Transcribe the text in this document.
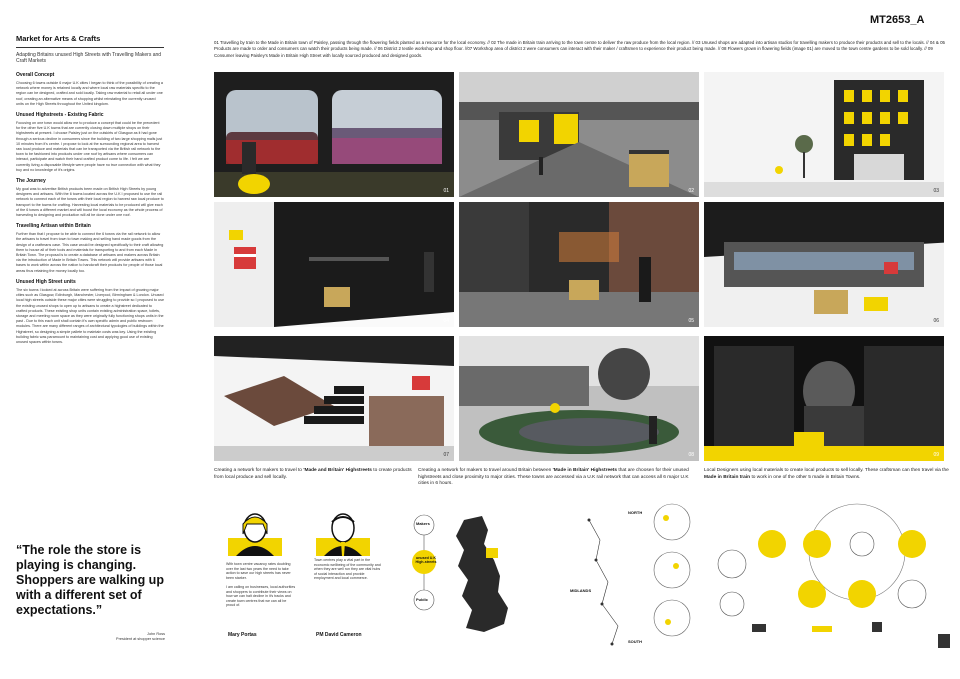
MT2653_A
Market for Arts & Crafts
Adapting Britains unused High Streets with Travelling Makers and Craft Markets
Overall Concept

Choosing 6 towns outside 6 major U.K cities I began to think of the possibility of creating a network where money is retained locally and where local raw materials specific to the region can be designed, crafted and sold locally. Taking raw material to retail all under one roof, creating an alternative means of shopping whilst reinstating the currently unused units on the High Streets throughout the United kingdom.

Unused Highstreets - Existing Fabric

Focusing on one town would allow me to produce a concept that could be the precedent for the other five U.K towns that are currently closing down multiple shops on their highstreets at present. I choose Paisley just on the outskirts of Glasgow as it had gone through a serious decline in consumers since the building of two large shopping malls just 10 minutes from it's centre. I propose to look at the surrounding regional area to harvest raw local produce and materials that can be transported via the British rail network to the town to be fashioned into products under one roof by artisans where consumers can interact, participate and watch their hand crafted product come to life. I felt we are currently living a disposable lifestyle were people have no true connection with what they buy and no knowledge of it's origins.

The Journey

My goal was to advertise British products been made on British High Streets by young designers and artisans. With the 6 towns located across the U.K I proposed to use the rail network to connect each of the towns with their local region to harvest raw local produce to transport to the towns for crafting. Harvesting local materials to be produced will give each of the 6 towns a different market and will boost the local economy as the whole process of harvesting to designing and production will all be done under one roof.

Travelling Artisan within Britain

Further than that I propose to be able to connect the 6 towns via the rail network to allow the artisans to travel from town to town making and selling hand made goods from the design of a craftmans case. This case would be designed specifically to their craft allowing them to house all of their tools and materials for transporting to and from each Made in Britain Town. The proposal is to create a database of artisans and makers across Britain via the introduction of Made in Britain Towns. This network will provide artisans with 6 bases to work within across the nation to handcraft their products for people of those local areas thus retaining the money locally too.

Unused High Street units

The six towns I looked at across Britain were suffering from the impact of growing major cities such as Glasgow, Edinburgh, Manchester, Liverpool, Birmingham & London. Unused local high streets outside these major cities were struggling to provide so I proposed to use the existing unused shops to open up to artisans to create a highstreet dedicated to crafted products. These existing shop units contain existing administration space, toilets, storage and meeting room space as they were originally fully functioning shops units in the past - Due to this each unit shall contain it's own specific admin and public restroom modules. There are many different ranges of architectural typologies of buildings within the Highstreet, so designing a simple pallete to maintain costs was key. Using the existing building fabric was paramount to maintaining cost and applying good use of existing unused spaces within towns.

“The role the store is playing is changing. Shoppers are walking up with a different set of expectations.”
John Ross
President at shopper science
01 Travelling by train to the Made in Britain town of Paisley, passing through the flowering fields planted as a resource for the local economy. // 02 The made in Britain train arriving to the town centre to deliver the raw produce from the local region. // 03 Unused shops are adapted into artisan studios for travelling makers to produce their products and sell to the locals. // 04 & 05 Products are made to order and consumers can watch their products being made. // 06 District 2 textile workshop and shop floor. //07 Workshop area of district 2 were consumers can interact with their maker / craftsmen to experience their product being made. // 08 Flowers grown in flowering fields (image 01) are moved to the town centre gardens to be sold locally. // 09 Consumer leaving Paisley's Made in Britain High Street with locally sourced produced and designed goods.
01	02	03
04	05	06
07	08	09
Creating a network for makers to travel to 'Made and Britain' Highstreets to create products from local produce and sell locally.
Creating a network for makers to travel around Britain between 'Made in Britain' Highstreets that are choosen for their unused highstreets and close proximity to major cities. These towns are accessed via a U.K rail network that can access all 6 major U.K cities in 6 hours.
Local Designers using local materials to create local products to sell locally. These craftsman can then travel via the Made in Britain train to work in one of the other 5 made in Britain Towns.
With town centre vacancy rates doubling over the last two years the need to take action to save our high streets has never been starker.

I am calling on businesses, local authorities and shoppers to contribute their views on how we can halt decline in it's tracks and create town centres that we can all be proud of.
Town centres play a vital part in the economic wellbeing of the community and when they are well run they are vital hubs of social interaction and provide employment and local commerce.
Mary Portas	PM David Cameron
Makers
unused U.K High-streets
Public
NORTH
MIDLANDS
SOUTH
